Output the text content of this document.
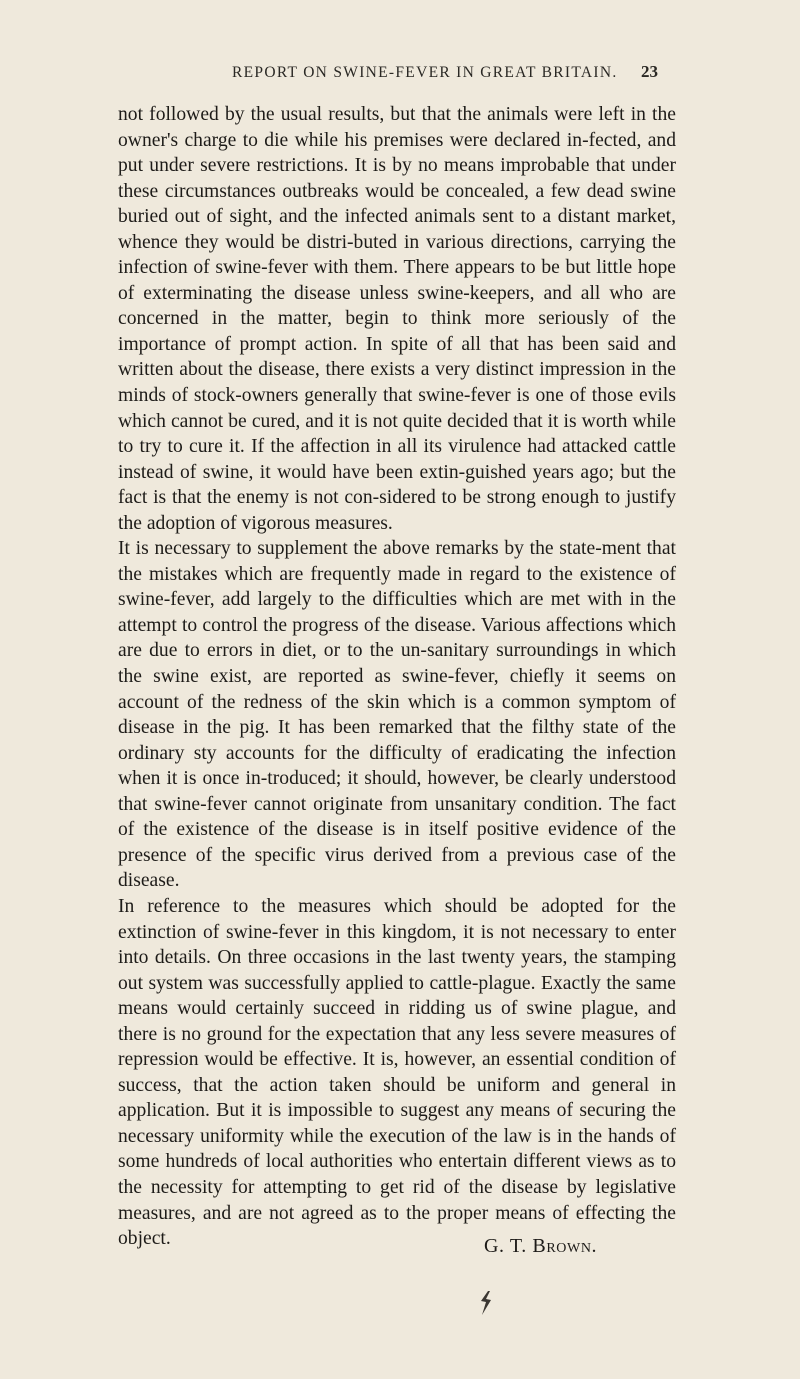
REPORT ON SWINE-FEVER IN GREAT BRITAIN. 23

not followed by the usual results, but that the animals were left in the owner's charge to die while his premises were declared in-fected, and put under severe restrictions. It is by no means improbable that under these circumstances outbreaks would be concealed, a few dead swine buried out of sight, and the infected animals sent to a distant market, whence they would be distri-buted in various directions, carrying the infection of swine-fever with them. There appears to be but little hope of exterminating the disease unless swine-keepers, and all who are concerned in the matter, begin to think more seriously of the importance of prompt action. In spite of all that has been said and written about the disease, there exists a very distinct impression in the minds of stock-owners generally that swine-fever is one of those evils which cannot be cured, and it is not quite decided that it is worth while to try to cure it. If the affection in all its virulence had attacked cattle instead of swine, it would have been extin-guished years ago; but the fact is that the enemy is not con-sidered to be strong enough to justify the adoption of vigorous measures.

It is necessary to supplement the above remarks by the state-ment that the mistakes which are frequently made in regard to the existence of swine-fever, add largely to the difficulties which are met with in the attempt to control the progress of the disease. Various affections which are due to errors in diet, or to the un-sanitary surroundings in which the swine exist, are reported as swine-fever, chiefly it seems on account of the redness of the skin which is a common symptom of disease in the pig. It has been remarked that the filthy state of the ordinary sty accounts for the difficulty of eradicating the infection when it is once in-troduced; it should, however, be clearly understood that swine-fever cannot originate from unsanitary condition. The fact of the existence of the disease is in itself positive evidence of the presence of the specific virus derived from a previous case of the disease.

In reference to the measures which should be adopted for the extinction of swine-fever in this kingdom, it is not necessary to enter into details. On three occasions in the last twenty years, the stamping out system was successfully applied to cattle-plague. Exactly the same means would certainly succeed in ridding us of swine plague, and there is no ground for the expectation that any less severe measures of repression would be effective. It is, however, an essential condition of success, that the action taken should be uniform and general in application. But it is impossible to suggest any means of securing the necessary uniformity while the execution of the law is in the hands of some hundreds of local authorities who entertain different views as to the necessity for attempting to get rid of the disease by legislative measures, and are not agreed as to the proper means of effecting the object.	G. T. Brown.
